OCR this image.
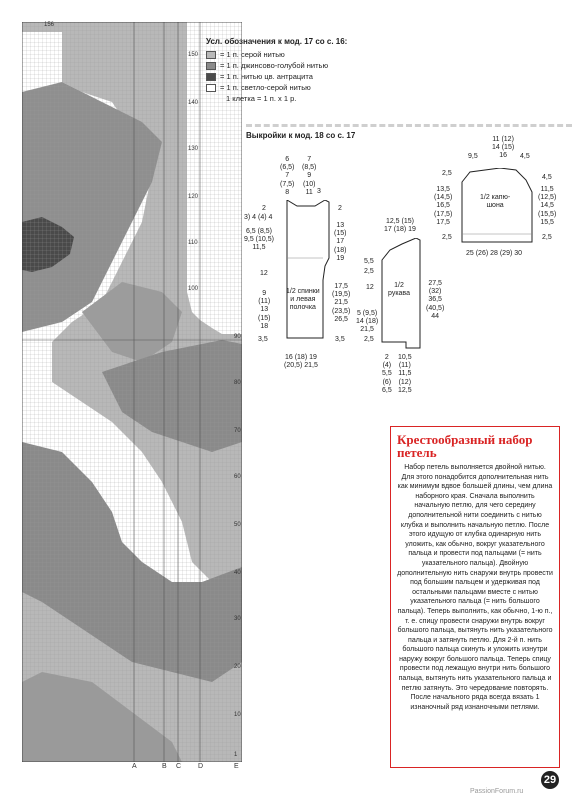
156
150
140
130
120
110
100
90
80
70
60
50
40
30
20
10
1
A	B C D	E
Усл. обозначения к мод. 17 со с. 16:
= 1 п. серой нитью
= 1 п. джинсово-голубой нитью
= 1 п. нитью цв. антрацита
= 1 п. светло-серой нитью
1 клетка = 1 п. х 1 р.
Выкройки к мод. 18 со с. 17
6
(6,5)
7
(7,5)
8
7
(8,5)
9
(10)
11 3
2
3) 4 (4) 4
6,5 (8,5)
9,5 (10,5)
11,5
12
9
(11)
13
(15)
18
3,5
2
13
(15)
17
(18)
19
17,5
(19,5)
21,5
(23,5)
26,5
3,5
1/2 спинки
и левая
полочка
16 (18) 19
(20,5) 21,5
12,5 (15)
17 (18) 19
5,5
2,5
12
5 (9,5)
14 (18)
21,5
2,5
27,5
(32)
36,5
(40,5)
44
1/2
рукава
2
(4)
5,5
(6)
6,5
10,5
(11)
11,5
(12)
12,5
11 (12)
14 (15)
16
9,5	4,5
2,5
13,5
(14,5)
16,5
(17,5)
17,5
2,5
4,5
11,5
(12,5)
14,5
(15,5)
15,5
2,5
1/2 капю-
шона
25 (26) 28 (29) 30
Крестообразный набор петель
Набор петель выполняется двойной нитью. Для этого понадобится дополнительная нить как минимум вдвое большей длины, чем длина наборного края. Сначала выполнить начальную петлю, для чего середину дополнительной нити соединить с нитью клубка и выполнить начальную петлю. После этого идущую от клубка одинарную нить уложить, как обычно, вокруг указательного пальца и провести под пальцами (= нить указательного пальца). Двойную дополнительную нить снаружи внутрь провести под большим пальцем и удерживая под остальными пальцами вместе с нитью указательного пальца (= нить большого пальца). Теперь выполнить, как обычно, 1-ю п., т. е. спицу провести снаружи внутрь вокруг большого пальца, вытянуть нить указательного пальца и затянуть петлю. Для 2-й п. нить большого пальца скинуть и уложить изнутри наружу вокруг большого пальца. Теперь спицу провести под лежащую внутри нить большого пальца, вытянуть нить указательного пальца и петлю затянуть. Это чередование повторять. После начального ряда всегда вязать 1 изнаночный ряд изнаночными петлями.
29
PassionForum.ru
